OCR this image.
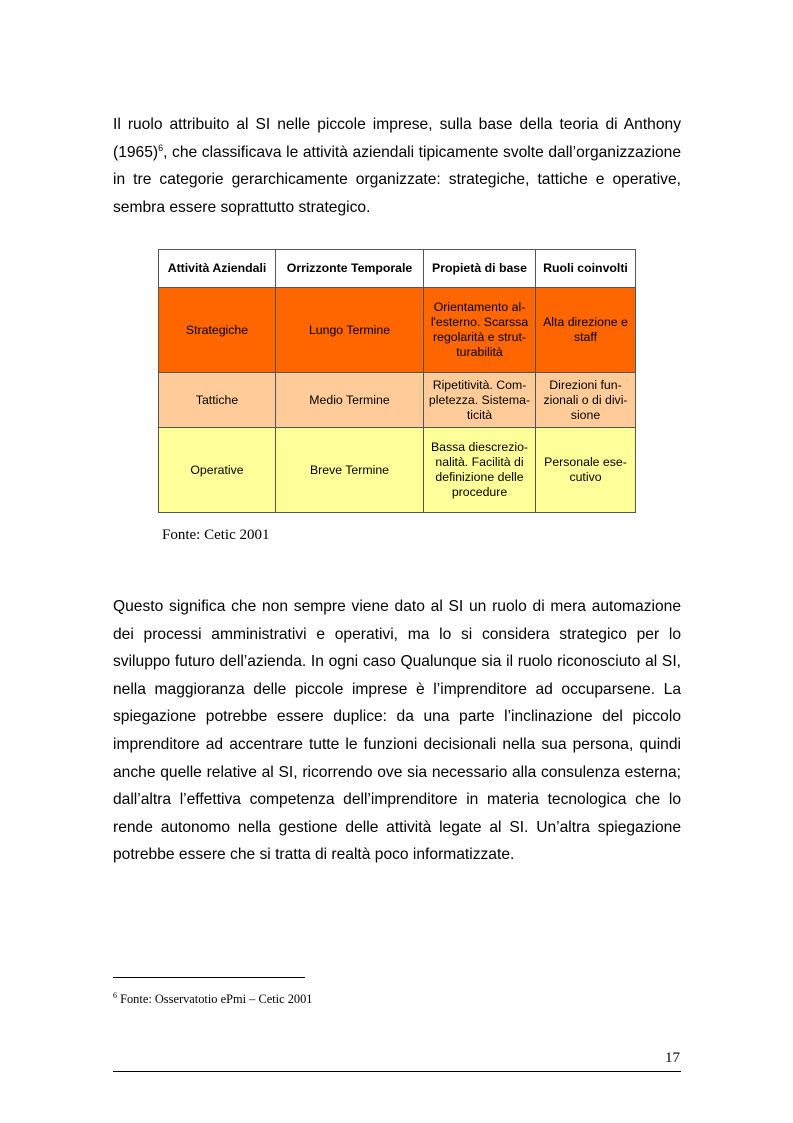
Il ruolo attribuito al SI nelle piccole imprese, sulla base della teoria di Anthony $(1965)^6$, che classificava le attività aziendali tipicamente svolte dall’organizzazione in tre categorie gerarchicamente organizzate: strategiche, tattiche e operative, sembra essere soprattutto strategico.

Attività Aziendali	Orrizzonte Temporale	Propietà di base	Ruoli coinvolti
Strategiche	Lungo Termine	Orientamento al- l'esterno. Scarssa regolarità e strut- turabilità	Alta direzione e staff
Tattiche	Medio Termine	Ripetitività. Com- pletezza. Sistema- ticità	Direzioni fun- zionali o di divi- sione
Operative	Breve Termine	Bassa diescrezio- nalità. Facilità di definizione delle procedure	Personale ese- cutivo
Fonte: Cetic 2001

Questo significa che non sempre viene dato al SI un ruolo di mera automazione dei processi amministrativi e operativi, ma lo si considera strategico per lo sviluppo futuro dell’azienda. In ogni caso Qualunque sia il ruolo riconosciuto al SI, nella maggioranza delle piccole imprese è l’imprenditore ad occuparsene. La spiegazione potrebbe essere duplice: da una parte l’inclinazione del piccolo imprenditore ad accentrare tutte le funzioni decisionali nella sua persona, quindi anche quelle relative al SI, ricorrendo ove sia necessario alla consulenza esterna; dall’altra l’effettiva competenza dell’imprenditore in materia tecnologica che lo rende autonomo nella gestione delle attività legate al SI. Un’altra spiegazione potrebbe essere che si tratta di realtà poco informatizzate.

$^6$ Fonte: Osservatotio ePmi – Cetic 2001
17
